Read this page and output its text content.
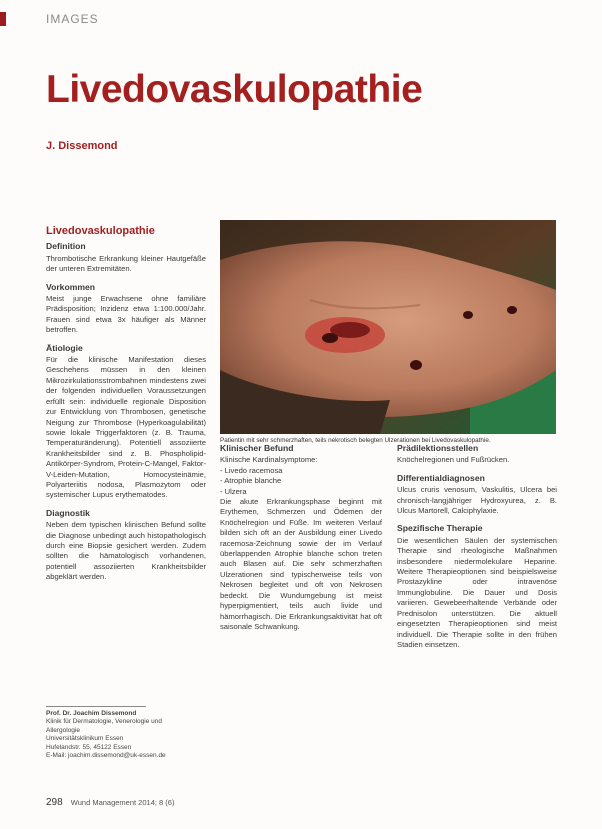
IMAGES
Livedovaskulopathie
J. Dissemond
Livedovaskulopathie
Definition

Thrombotische Erkrankung kleiner Hautgefäße der unteren Extremitäten.

Vorkommen

Meist junge Erwachsene ohne familiäre Prädisposition; Inzidenz etwa 1:100.000/Jahr. Frauen sind etwa 3x häufiger als Männer betroffen.

Ätiologie

Für die klinische Manifestation dieses Geschehens müssen in den kleinen Mikrozirkulationsstrombahnen mindestens zwei der folgenden individuellen Voraussetzungen erfüllt sein: individuelle regionale Disposition zur Entwicklung von Thrombosen, genetische Neigung zur Thrombose (Hyperkoagulabilität) sowie lokale Triggerfaktoren (z. B. Trauma, Temperaturänderung). Potentiell assoziierte Krankheitsbilder sind z. B. Phospholipid-Antikörper-Syndrom, Protein-C-Mangel, Faktor-V-Leiden-Mutation, Homocysteinämie, Polyarteriitis nodosa, Plasmozytom oder systemischer Lupus erythematodes.

Diagnostik

Neben dem typischen klinischen Befund sollte die Diagnose unbedingt auch histopathologisch durch eine Biopsie gesichert werden. Zudem sollten die hämatologisch vorhandenen, potentiell assoziierten Krankheitsbilder abgeklärt werden.

Patientin mit sehr schmerzhaften, teils nekrotisch belegten Ulzerationen bei Livedovaskulopathie.
Klinischer Befund
Klinische Kardinalsymptome:
- Livedo racemosa
- Atrophie blanche
- Ulzera

Die akute Erkrankungsphase beginnt mit Erythemen, Schmerzen und Ödemen der Knöchelregion und Füße. Im weiteren Verlauf bilden sich oft an der Ausbildung einer Livedo racemosa-Zeichnung sowie der im Verlauf überlappenden Atrophie blanche schon treten auch Blasen auf. Die sehr schmerzhaften Ulzerationen sind typischerweise teils von Nekrosen begleitet und oft von Nekrosen bedeckt. Die Wundumgebung ist meist hyperpigmentiert, teils auch livide und hämorrhagisch. Die Erkrankungsaktivität hat oft saisonale Schwankung.

Prädilektionsstellen

Knöchelregionen und Fußrücken.

Differentialdiagnosen

Ulcus cruris venosum, Vaskulitis, Ulcera bei chronisch-langjähriger Hydroxyurea, z. B. Ulcus Martorell, Calciphylaxie.

Spezifische Therapie

Die wesentlichen Säulen der systemischen Therapie sind rheologische Maßnahmen insbesondere niedermolekulare Heparine. Weitere Therapieoptionen sind beispielsweise Prostazykline oder intravenöse Immunglobuline. Die Dauer und Dosis variieren. Gewebeerhaltende Verbände oder Prednisolon unterstützen. Die aktuell eingesetzten Therapieoptionen sind meist individuell. Die Therapie sollte in den frühen Stadien einsetzen.

Prof. Dr. Joachim Dissemond
Klinik für Dermatologie, Venerologie und
Allergologie
Universitätsklinikum Essen
Hufelandstr. 55, 45122 Essen
E-Mail: joachim.dissemond@uk-essen.de
298 Wund Management 2014; 8 (6)
